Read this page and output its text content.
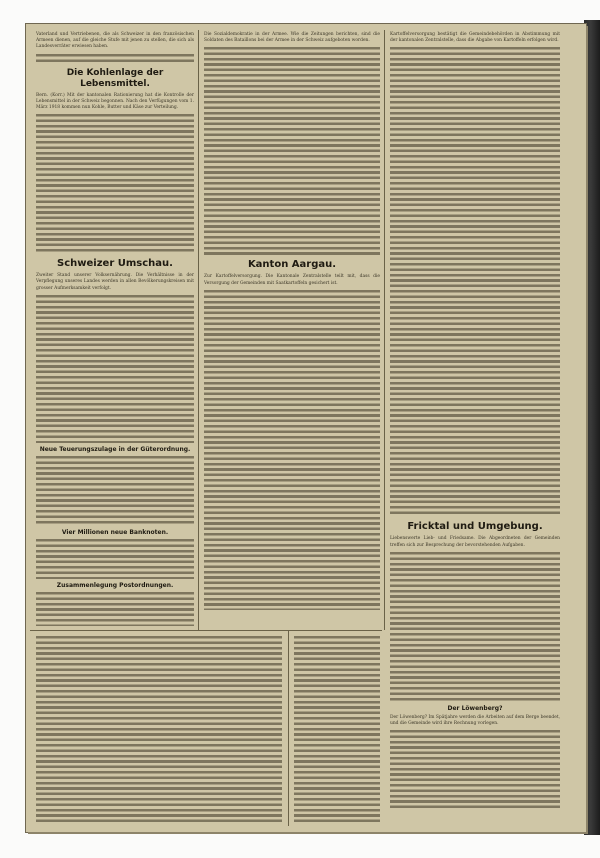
Vaterland und Vertriebenen, die als Schweizer in den französischen Armeen dienen, auf die gleiche Stufe mit jenen zu stellen, die sich als Landesverräter erwiesen haben.
Die Kohlenlage der Lebensmittel.
Bern. (Korr.) Mit der kantonalen Rationierung hat die Kontrolle der Lebensmittel in der Schweiz begonnen. Nach den Verfügungen vom 1. März 1918 kommen nun Kohle, Butter und Käse zur Verteilung.
Schweizer Umschau.
Zweiter Stand unserer Volksernährung. Die Verhältnisse in der Verpflegung unseres Landes werden in allen Bevölkerungskreisen mit grosser Aufmerksamkeit verfolgt.
Neue Teuerungszulage in der Güterordnung.
Vier Millionen neue Banknoten.
Zusammenlegung Postordnungen.
Die Sozialdemokratie in der Armee. Wie die Zeitungen berichten, sind die Soldaten des Bataillons bei der Armee in der Schweiz aufgeboten worden.
Kanton Aargau.
Zur Kartoffelversorgung. Die Kantonale Zentralstelle teilt mit, dass die Versorgung der Gemeinden mit Saatkartoffeln gesichert ist.
Kartoffelversorgung bestätigt die Gemeindebehörden in Abstimmung mit der kantonalen Zentralstelle, dass die Abgabe von Kartoffeln erfolgen wird.
Fricktal und Umgebung.
Liebenswerte Lieb- und Friedsame. Die Abgeordneten der Gemeinden treffen sich zur Besprechung der bevorstehenden Aufgaben.
Der Löwenberg?
Der Löwenberg? Im Spätjahre werden die Arbeiten auf dem Berge beendet, und die Gemeinde wird ihre Rechnung vorlegen.
